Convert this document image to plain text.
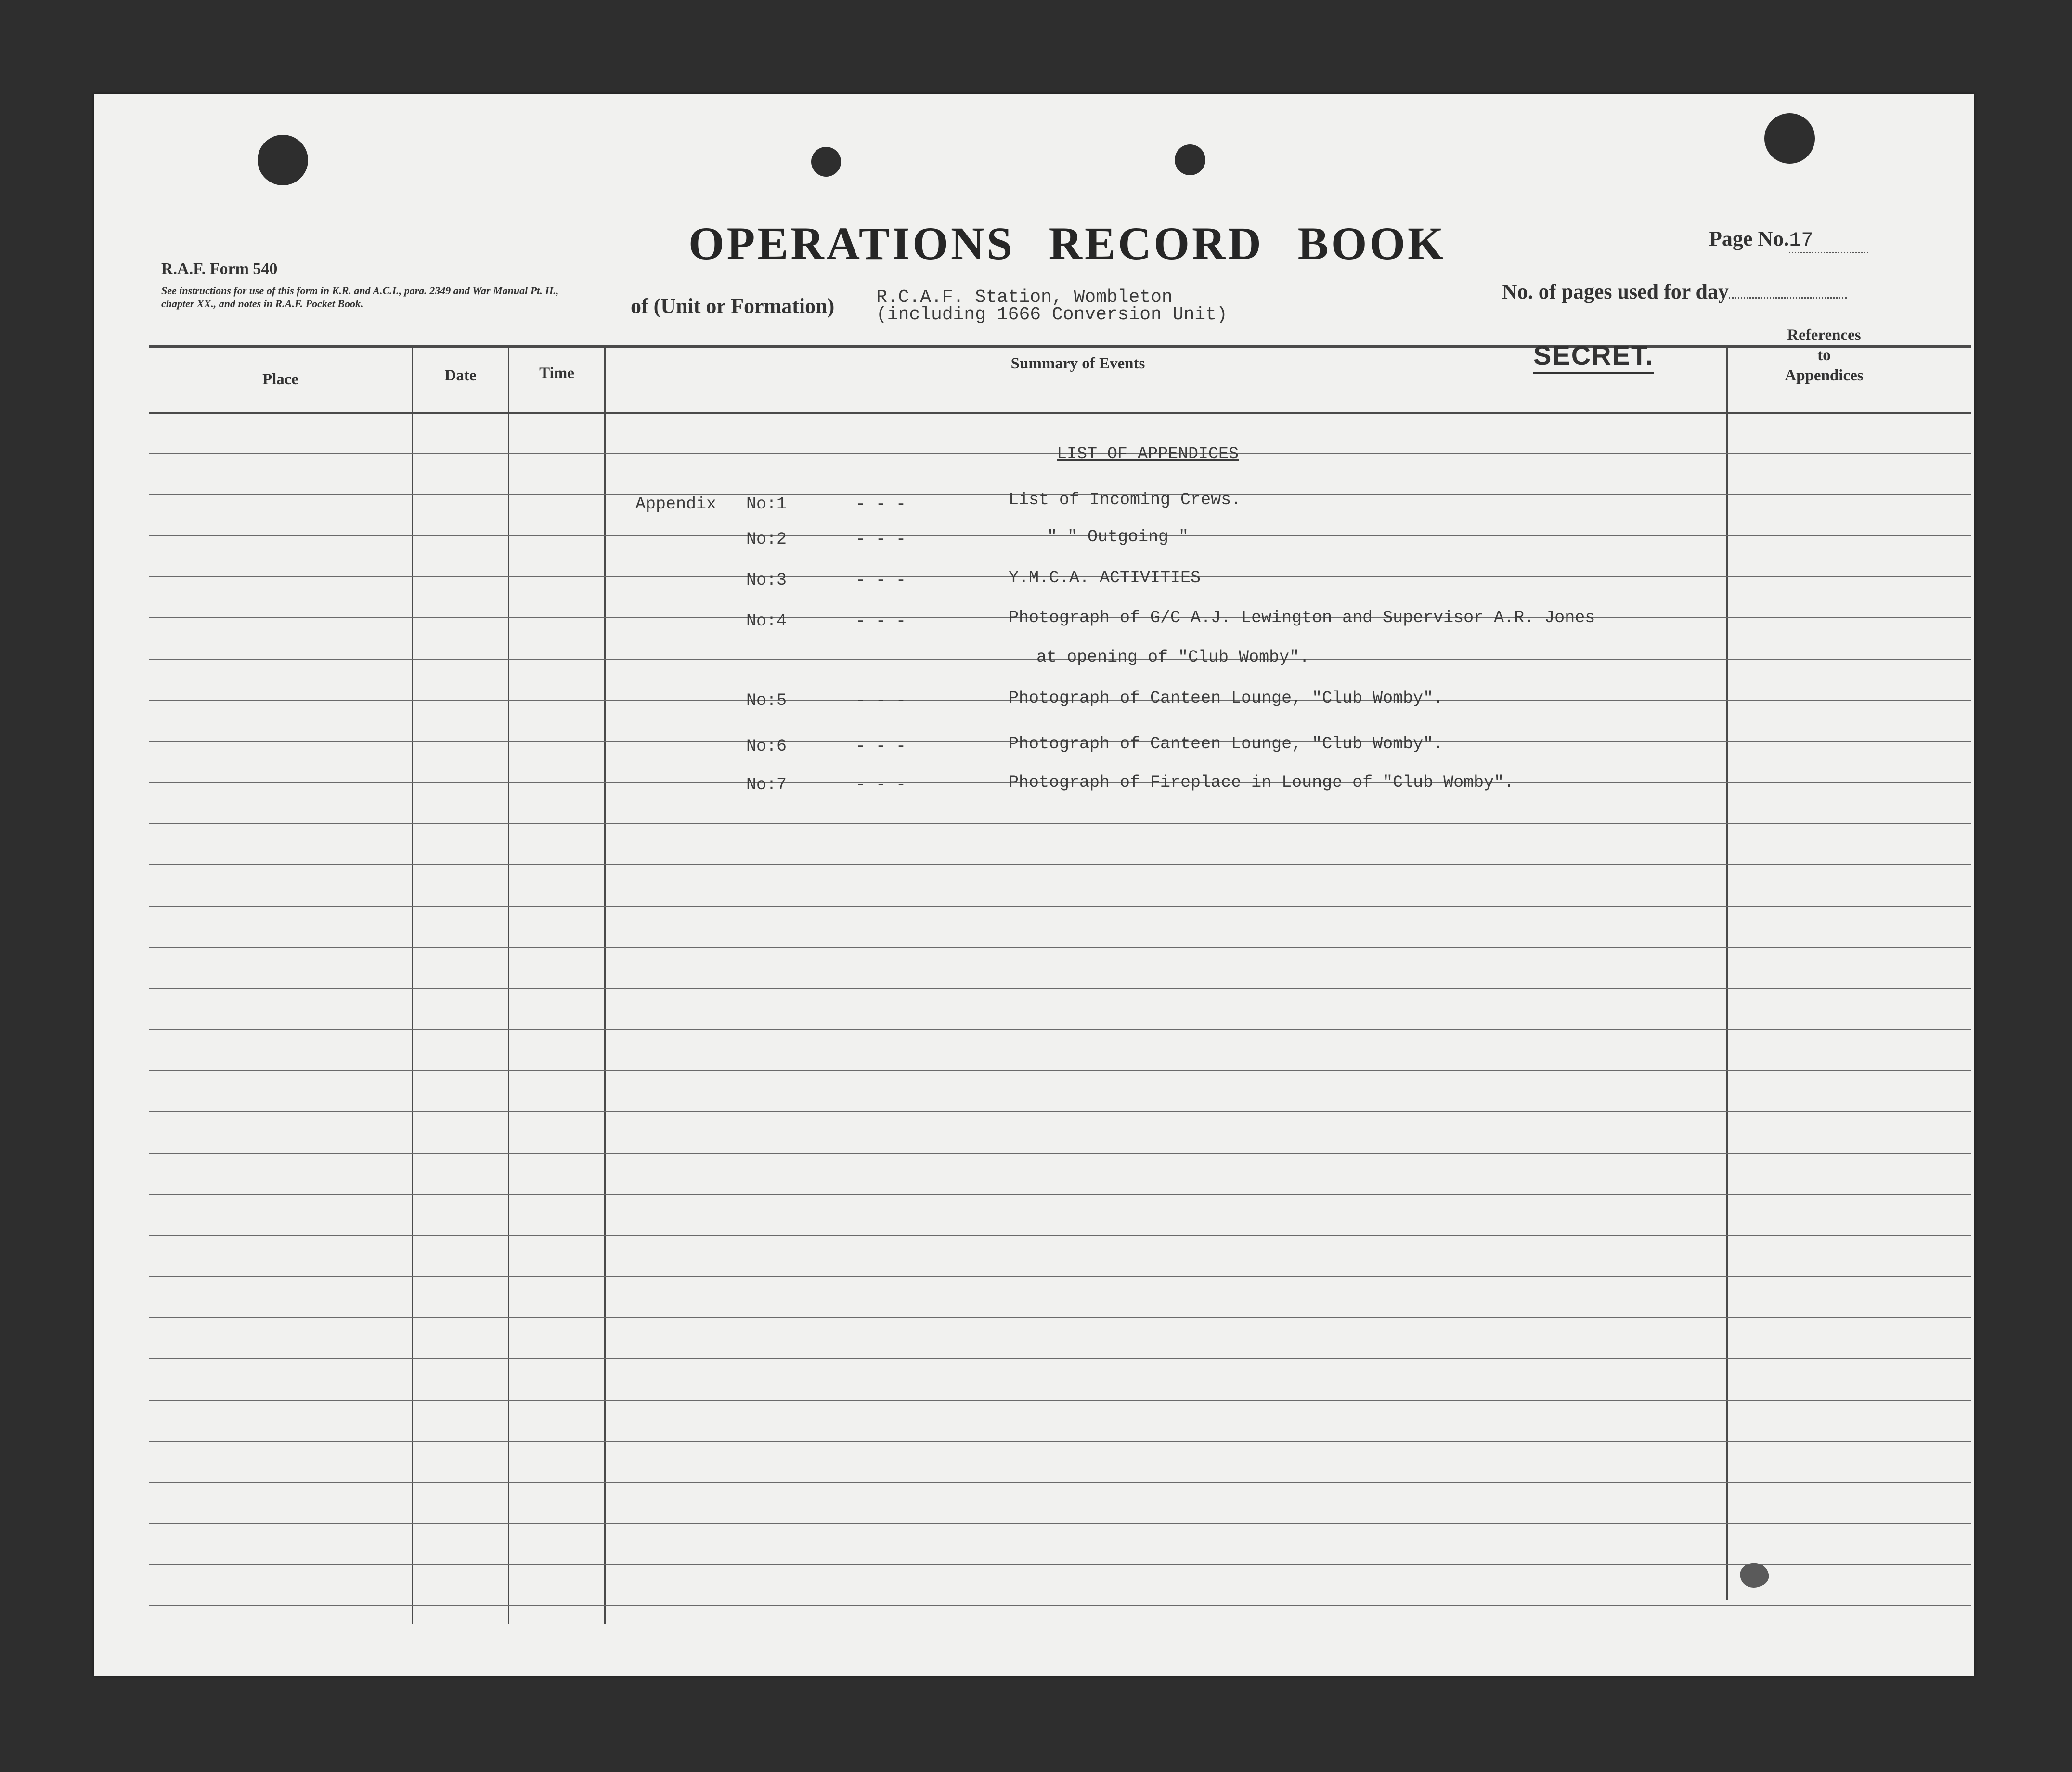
R.A.F. Form 540
See instructions for use of this form in K.R. and A.C.I., para. 2349 and War Manual Pt. II., chapter XX., and notes in R.A.F. Pocket Book.
OPERATIONS RECORD BOOK	Page No.17
No. of pages used for day
of (Unit or Formation) R.C.A.F. Station, Wombleton
(including 1666 Conversion Unit)
Place	Date	Time
Summary of Events
References
to
Appendices
SECRET.
LIST OF APPENDICES
Appendix No:1	- - -	List of Incoming Crews.
No:2	- - -	" " Outgoing "
No:3	- - -	Y.M.C.A. ACTIVITIES
No:4	- - -	Photograph of G/C A.J. Lewington and Supervisor A.R. Jones
at opening of "Club Womby".
No:5	- - -	Photograph of Canteen Lounge, "Club Womby".
No:6	- - -	Photograph of Canteen Lounge, "Club Womby".
No:7	- - -	Photograph of Fireplace in Lounge of "Club Womby".
